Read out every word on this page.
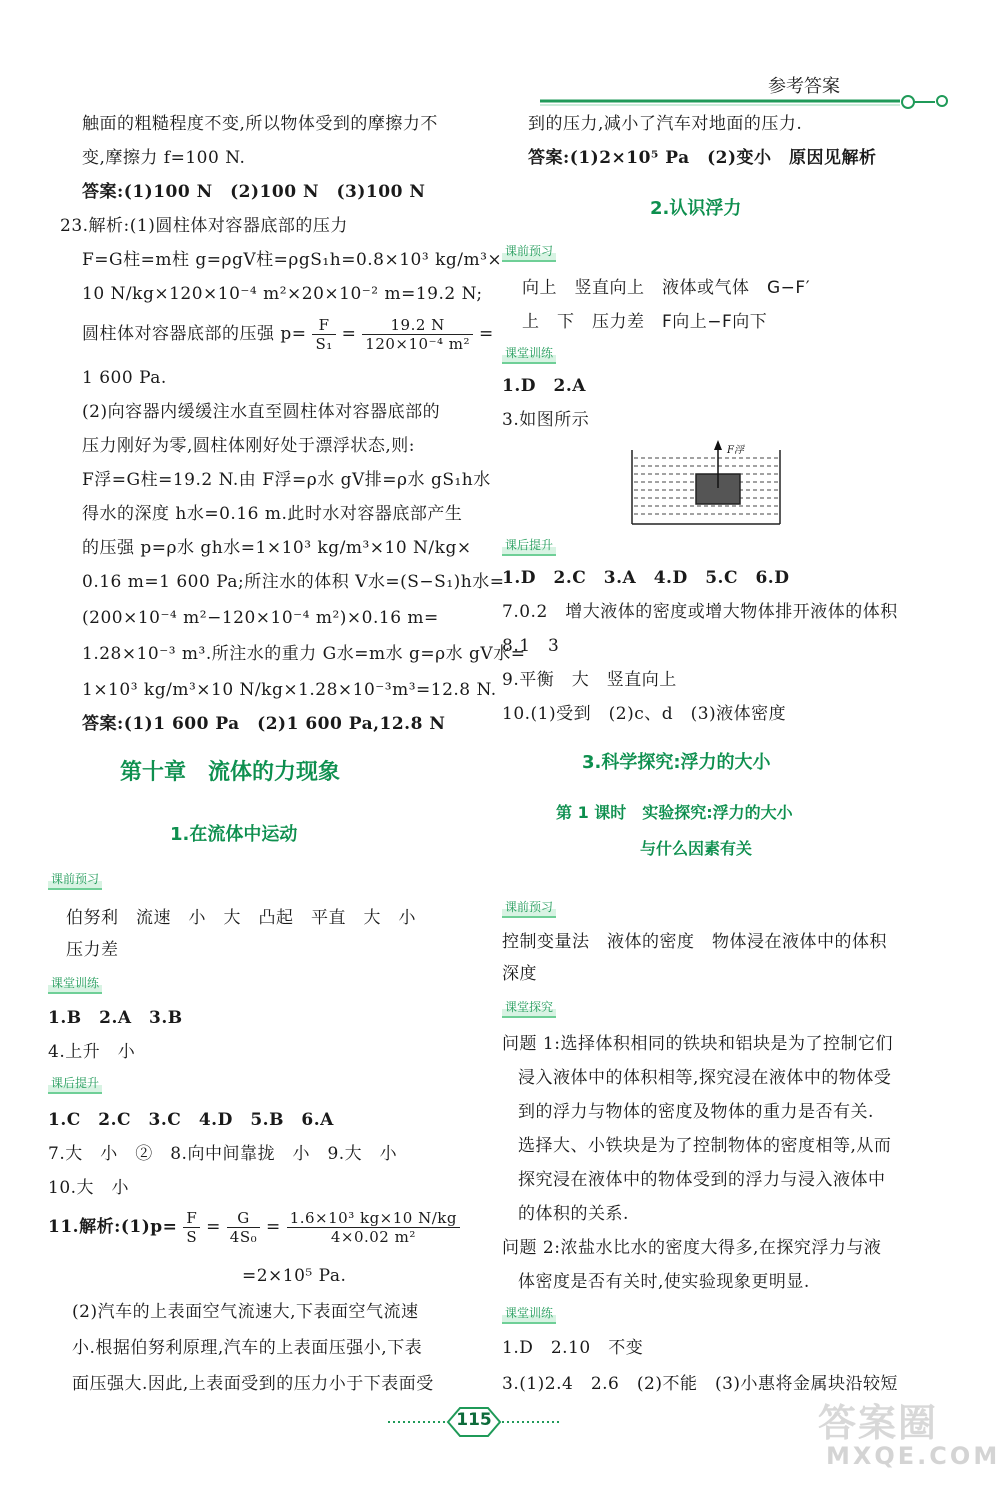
参考答案
触面的粗糙程度不变,所以物体受到的摩擦力不
变,摩擦力 f=100 N.
答案:(1)100 N　(2)100 N　(3)100 N
23.解析:(1)圆柱体对容器底部的压力
F=G柱=m柱 g=ρgV柱=ρgS₁h=0.8×10³ kg/m³×
10 N/kg×120×10⁻⁴ m²×20×10⁻² m=19.2 N;
圆柱体对容器底部的压强 $p= \frac{F}{\text{S₁}} = \frac{19.2 N}{\text{120×10⁻⁴ m²}}$ =
1 600 Pa.
(2)向容器内缓缓注水直至圆柱体对容器底部的
压力刚好为零,圆柱体刚好处于漂浮状态,则:
F浮=G柱=19.2 N.由 F浮=ρ水 gV排=ρ水 gS₁h水
得水的深度 h水=0.16 m.此时水对容器底部产生
的压强 p=ρ水 gh水=1×10³ kg/m³×10 N/kg×
0.16 m=1 600 Pa;所注水的体积 V水=(S−S₁)h水=
(200×10⁻⁴ m²−120×10⁻⁴ m²)×0.16 m=
1.28×10⁻³ m³.所注水的重力 G水=m水 g=ρ水 gV水=
1×10³ kg/m³×10 N/kg×1.28×10⁻³m³=12.8 N.
答案:(1)1 600 Pa　(2)1 600 Pa,12.8 N
第十章　流体的力现象
1.在流体中运动
课前预习
伯努利　流速　小　大　凸起　平直　大　小
压力差
课堂训练
1.B　2.A　3.B
4.上升　小
课后提升
1.C　2.C　3.C　4.D　5.B　6.A
7.大　小　②　8.向中间靠拢　小　9.大　小
10.大　小
11.解析:(1)p= $\frac{F}{S} = \frac{G}{\text{4S₀}} = \frac{\text{1.6×10³ kg×10 N/kg}}{\text{4×0.02 m²}}$
=2×10⁵ Pa.
(2)汽车的上表面空气流速大,下表面空气流速
小.根据伯努利原理,汽车的上表面压强小,下表
面压强大.因此,上表面受到的压力小于下表面受
到的压力,减小了汽车对地面的压力.
答案:(1)2×10⁵ Pa　(2)变小　原因见解析
2.认识浮力
课前预习
向上　竖直向上　液体或气体　G−F′
上　下　压力差　F向上−F向下
课堂训练
1.D　2.A
3.如图所示
F浮
课后提升
1.D　2.C　3.A　4.D　5.C　6.D
7.0.2　增大液体的密度或增大物体排开液体的体积
8.1　3
9.平衡　大　竖直向上
10.(1)受到　(2)c、d　(3)液体密度
3.科学探究:浮力的大小
第 1 课时　实验探究:浮力的大小
与什么因素有关
课前预习
控制变量法　液体的密度　物体浸在液体中的体积
深度
课堂探究
问题 1:选择体积相同的铁块和铝块是为了控制它们
浸入液体中的体积相等,探究浸在液体中的物体受
到的浮力与物体的密度及物体的重力是否有关.
选择大、小铁块是为了控制物体的密度相等,从而
探究浸在液体中的物体受到的浮力与浸入液体中
的体积的关系.
问题 2:浓盐水比水的密度大得多,在探究浮力与液
体密度是否有关时,使实验现象更明显.
课堂训练
1.D　2.10　不变
3.(1)2.4　2.6　(2)不能　(3)小惠将金属块沿较短
115	答案圈
MXQE.COM
